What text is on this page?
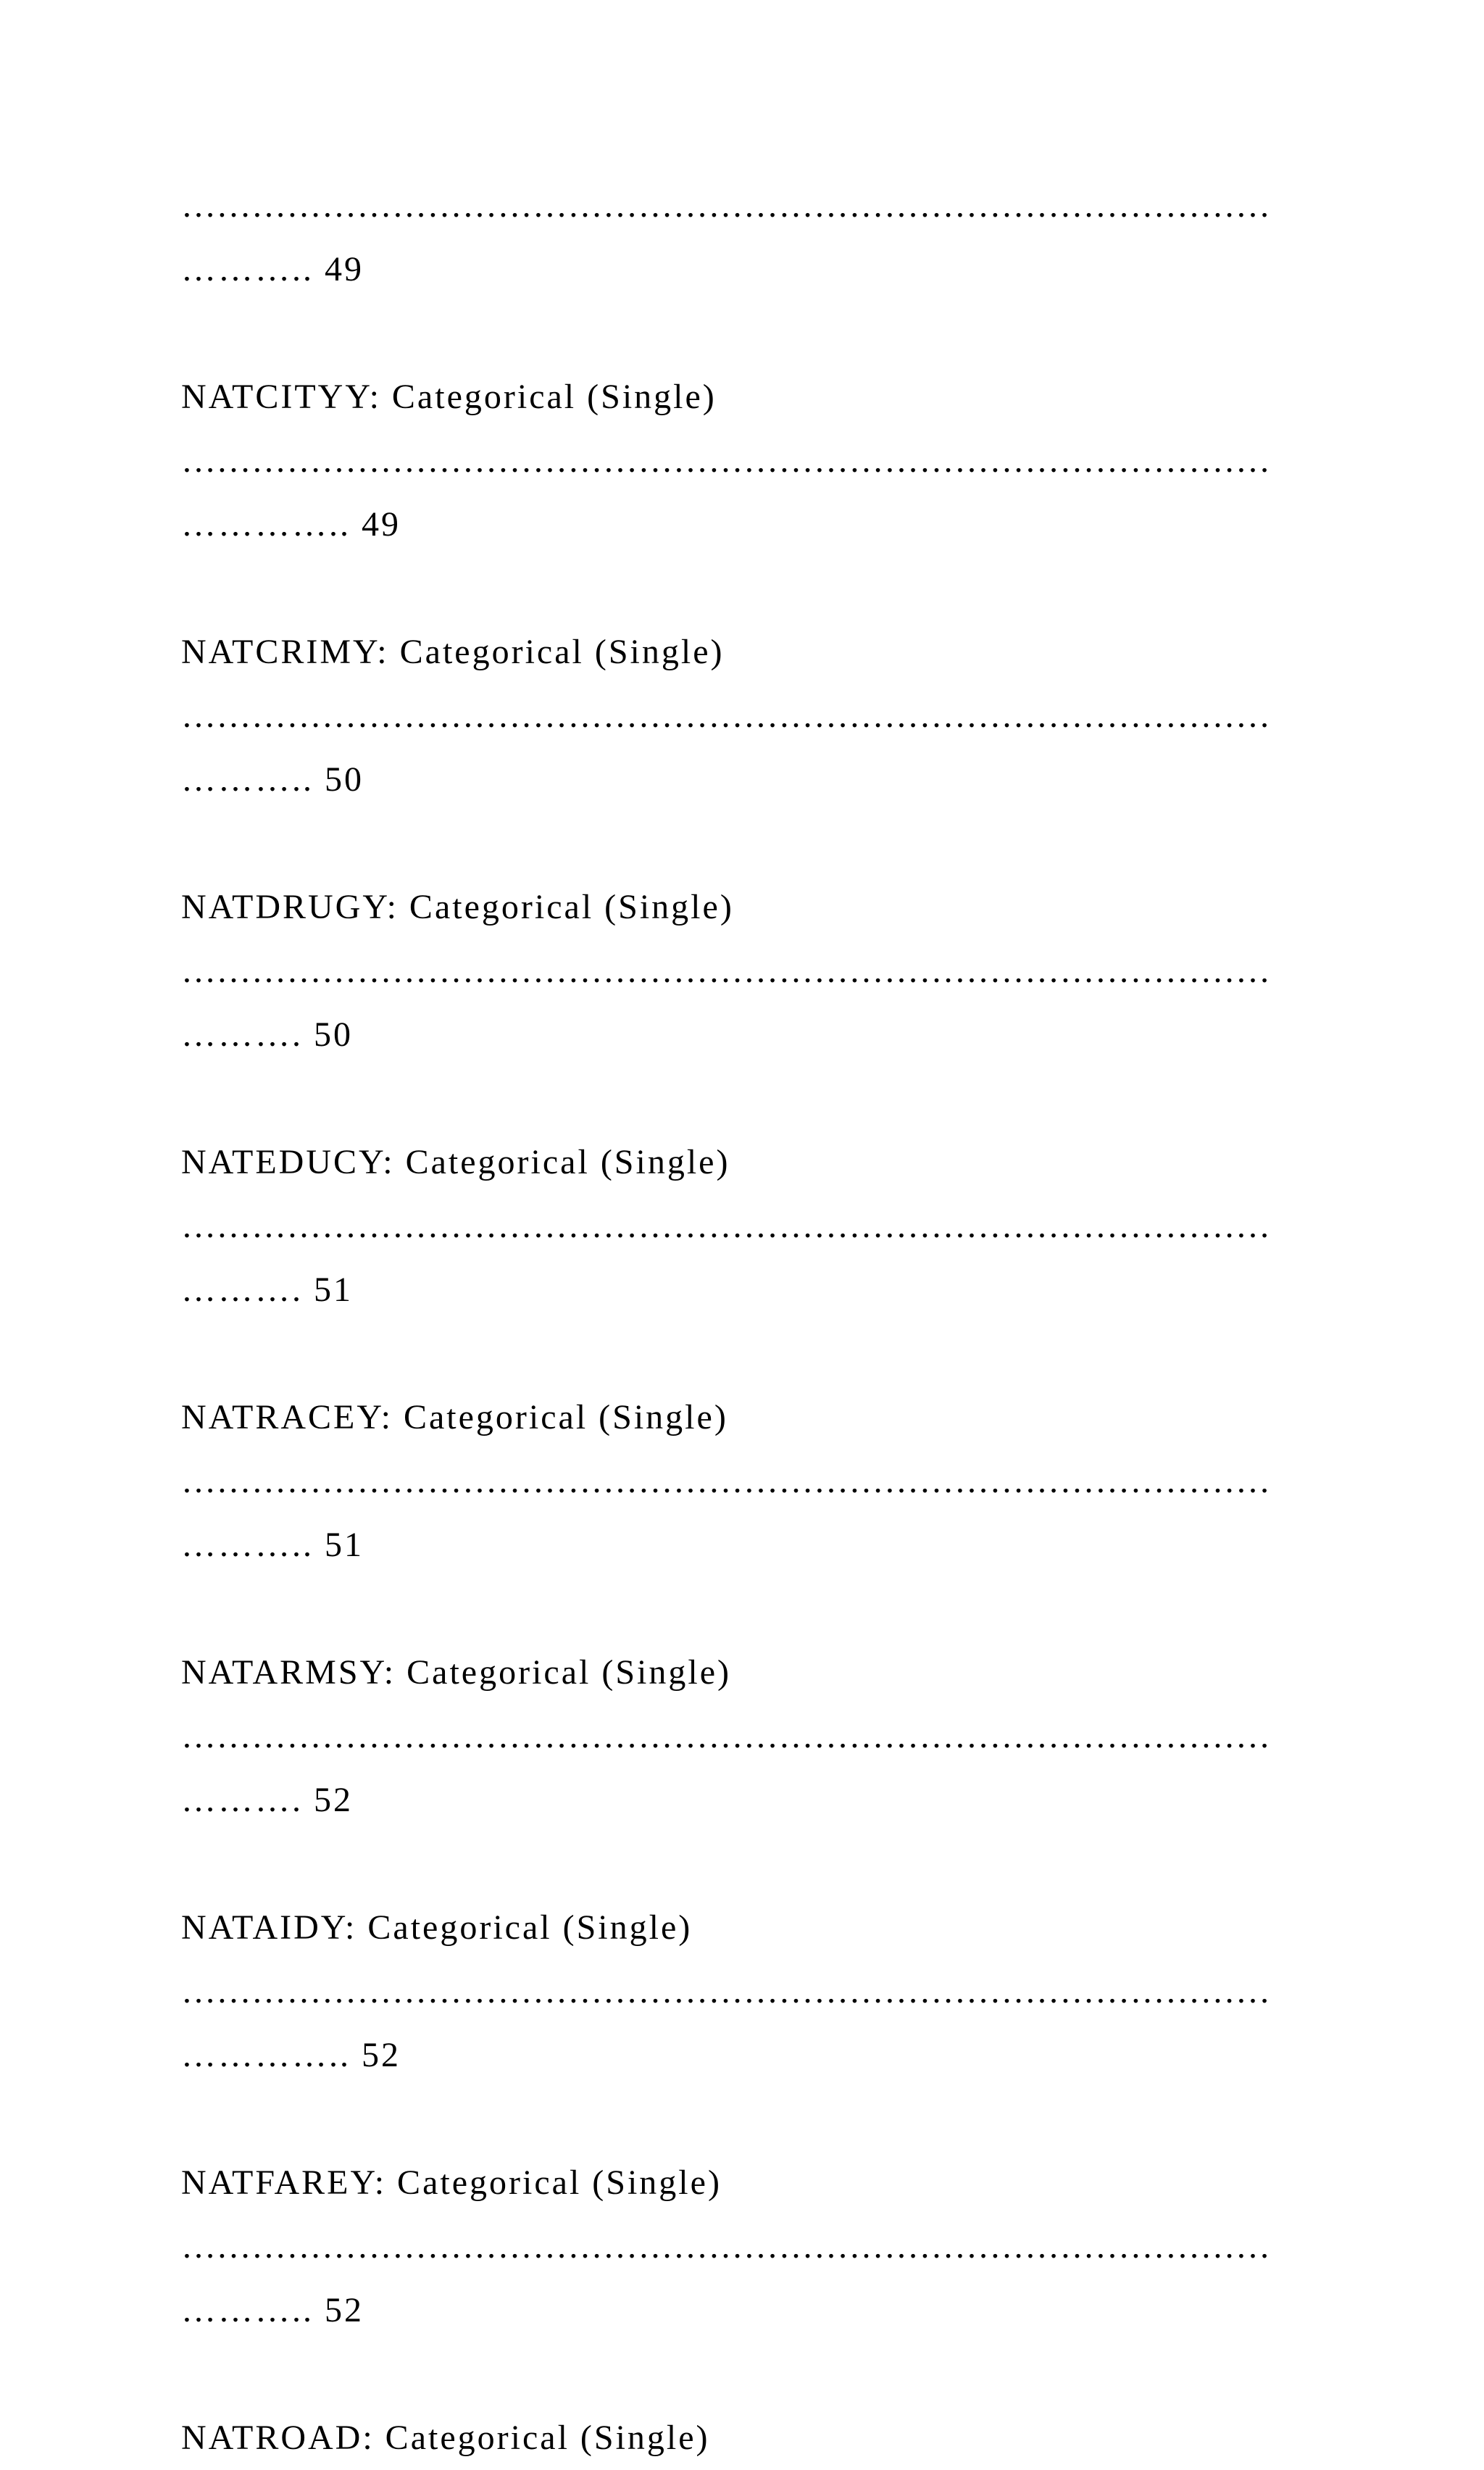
…………………………………………………………………………………
……….. 49
NATCITYY: Categorical (Single)
…………………………………………………………………………………
………….. 49
NATCRIMY: Categorical (Single)
…………………………………………………………………………………
……….. 50
NATDRUGY: Categorical (Single)
…………………………………………………………………………………
………. 50
NATEDUCY: Categorical (Single)
…………………………………………………………………………………
………. 51
NATRACEY: Categorical (Single)
…………………………………………………………………………………
……….. 51
NATARMSY: Categorical (Single)
…………………………………………………………………………………
………. 52
NATAIDY: Categorical (Single)
…………………………………………………………………………………
………….. 52
NATFAREY: Categorical (Single)
…………………………………………………………………………………
……….. 52
NATROAD: Categorical (Single)
